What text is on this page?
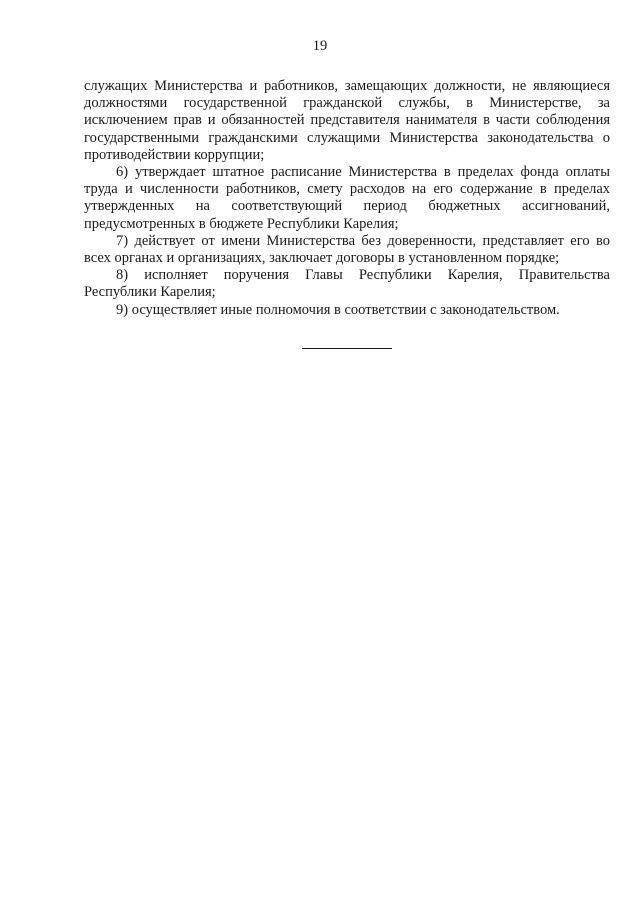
19

служащих Министерства и работников, замещающих должности, не являющиеся должностями государственной гражданской службы, в Министерстве, за исключением прав и обязанностей представителя нанимателя в части соблюдения государственными гражданскими служащими Министерства законодательства о противодействии коррупции;

6) утверждает штатное расписание Министерства в пределах фонда оплаты труда и численности работников, смету расходов на его содержание в пределах утвержденных на соответствующий период бюджетных ассигнований, предусмотренных в бюджете Республики Карелия;

7) действует от имени Министерства без доверенности, представляет его во всех органах и организациях, заключает договоры в установленном порядке;

8) исполняет поручения Главы Республики Карелия, Правительства Республики Карелия;

9) осуществляет иные полномочия в соответствии с законодательством.
